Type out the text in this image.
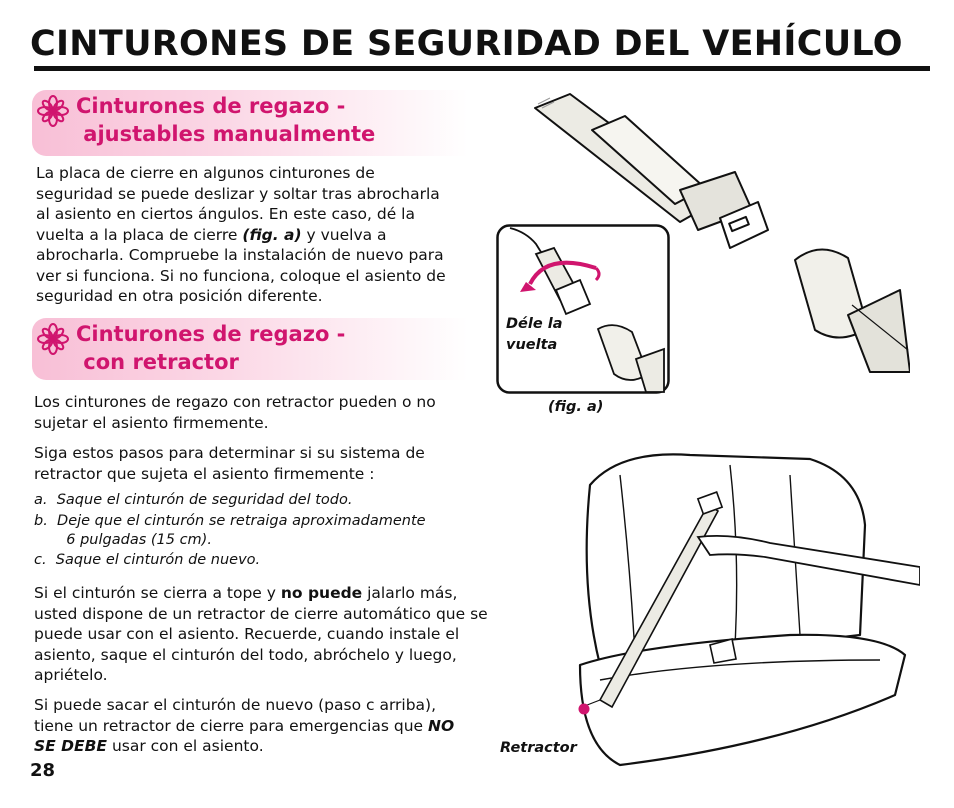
CINTURONES DE SEGURIDAD DEL VEHÍCULO
Cinturones de regazo -
ajustables manualmente

La placa de cierre en algunos cinturones de seguridad se puede deslizar y soltar tras abrocharla al asiento en ciertos ángulos. En este caso, dé la vuelta a la placa de cierre (fig. a) y vuelva a abrocharla. Compruebe la instalación de nuevo para ver si funciona. Si no funciona, coloque el asiento de seguridad en otra posición diferente.

Cinturones de regazo -
con retractor

Los cinturones de regazo con retractor pueden o no sujetar el asiento firmemente.

Siga estos pasos para determinar si su sistema de retractor que sujeta el asiento firmemente :

a.  Saque el cinturón de seguridad del todo.

b.  Deje que el cinturón se retraiga aproximadamente
6 pulgadas (15 cm).

c.  Saque el cinturón de nuevo.

Si el cinturón se cierra a tope y no puede jalarlo más, usted dispone de un retractor de cierre automático que se puede usar con el asiento. Recuerde, cuando instale el asiento, saque el cinturón del todo, abróchelo y luego, apriételo.

Si puede sacar el cinturón de nuevo (paso c arriba), tiene un retractor de cierre para emergencias que NO SE DEBE usar con el asiento.

28
Déle la
vuelta
(fig. a)
Retractor
